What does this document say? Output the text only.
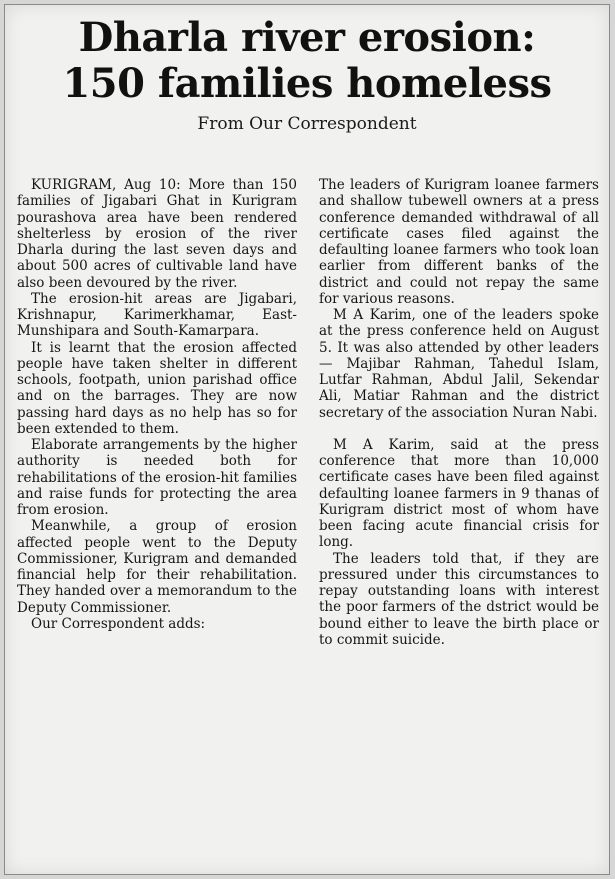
Dharla river erosion:
150 families homeless
From Our Correspondent

KURIGRAM, Aug 10: More than 150 families of Jigabari Ghat in Kurigram pourashova area have been rendered shelterless by erosion of the river Dharla during the last seven days and about 500 acres of cultivable land have also been devoured by the river.

The erosion-hit areas are Jigabari, Krishnapur, Karimerkhamar, East-Munshipara and South-Kamarpara.

It is learnt that the erosion affected people have taken shelter in different schools, footpath, union parishad office and on the barrages. They are now passing hard days as no help has so for been extended to them.

Elaborate arrangements by the higher authority is needed both for rehabilitations of the erosion-hit families and raise funds for protecting the area from erosion.

Meanwhile, a group of erosion affected people went to the Deputy Commissioner, Kurigram and demanded financial help for their rehabilitation. They handed over a memorandum to the Deputy Commissioner.

Our Correspondent adds:

The leaders of Kurigram loanee farmers and shallow tubewell owners at a press conference demanded withdrawal of all certificate cases filed against the defaulting loanee farmers who took loan earlier from different banks of the district and could not repay the same for various reasons.

M A Karim, one of the leaders spoke at the press conference held on August 5. It was also attended by other leaders — Majibar Rahman, Tahedul Islam, Lutfar Rahman, Abdul Jalil, Sekendar Ali, Matiar Rahman and the district secretary of the association Nuran Nabi.

M A Karim, said at the press conference that more than 10,000 certificate cases have been filed against defaulting loanee farmers in 9 thanas of Kurigram district most of whom have been facing acute financial crisis for long.

The leaders told that, if they are pressured under this circumstances to repay outstanding loans with interest the poor farmers of the dstrict would be bound either to leave the birth place or to commit suicide.
